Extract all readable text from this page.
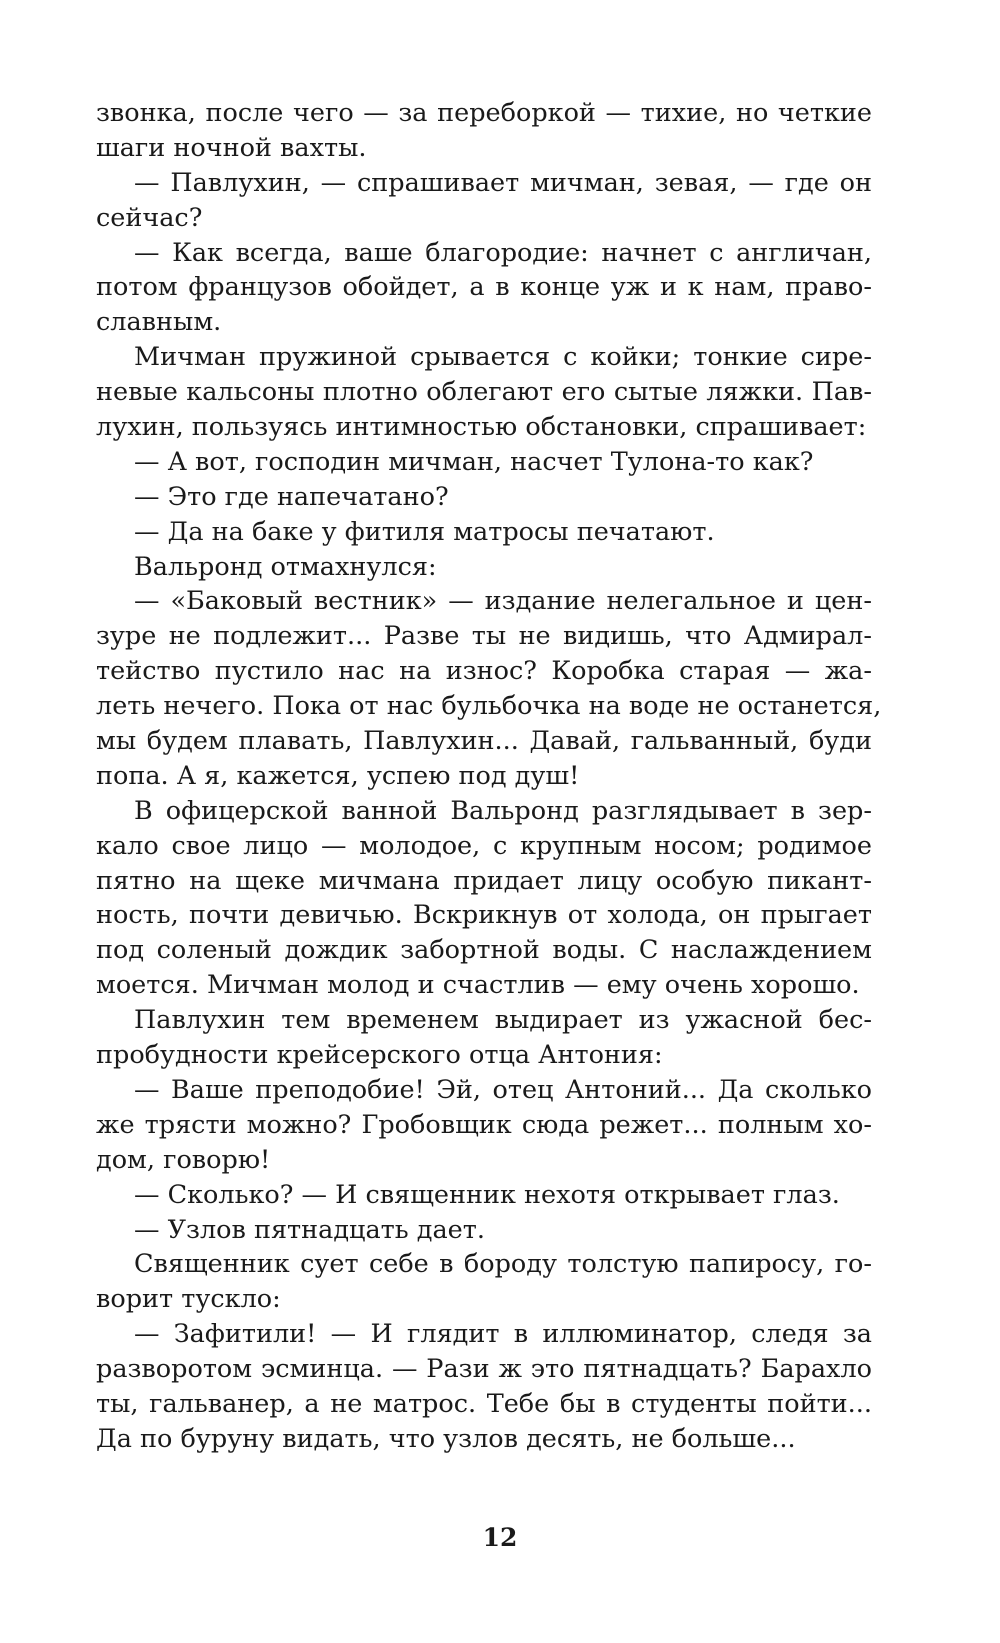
звонка, после чего — за переборкой — тихие, но четкие
шаги ночной вахты.
— Павлухин, — спрашивает мичман, зевая, — где он
сейчас?
— Как всегда, ваше благородие: начнет с англичан,
потом французов обойдет, а в конце уж и к нам, право-
славным.
Мичман пружиной срывается с койки; тонкие сире-
невые кальсоны плотно облегают его сытые ляжки. Пав-
лухин, пользуясь интимностью обстановки, спрашивает:
— А вот, господин мичман, насчет Тулона-то как?
— Это где напечатано?
— Да на баке у фитиля матросы печатают.
Вальронд отмахнулся:
— «Баковый вестник» — издание нелегальное и цен-
зуре не подлежит... Разве ты не видишь, что Адмирал-
тейство пустило нас на износ? Коробка старая — жа-
леть нечего. Пока от нас бульбочка на воде не останется,
мы будем плавать, Павлухин... Давай, гальванный, буди
попа. А я, кажется, успею под душ!
В офицерской ванной Вальронд разглядывает в зер-
кало свое лицо — молодое, с крупным носом; родимое
пятно на щеке мичмана придает лицу особую пикант-
ность, почти девичью. Вскрикнув от холода, он прыгает
под соленый дождик забортной воды. С наслаждением
моется. Мичман молод и счастлив — ему очень хорошо.
Павлухин тем временем выдирает из ужасной бес-
пробудности крейсерского отца Антония:
— Ваше преподобие! Эй, отец Антоний... Да сколько
же трясти можно? Гробовщик сюда режет... полным хо-
дом, говорю!
— Сколько? — И священник нехотя открывает глаз.
— Узлов пятнадцать дает.
Священник сует себе в бороду толстую папиросу, го-
ворит тускло:
— Зафитили! — И глядит в иллюминатор, следя за
разворотом эсминца. — Рази ж это пятнадцать? Барахло
ты, гальванер, а не матрос. Тебе бы в студенты пойти...
Да по буруну видать, что узлов десять, не больше...
12
